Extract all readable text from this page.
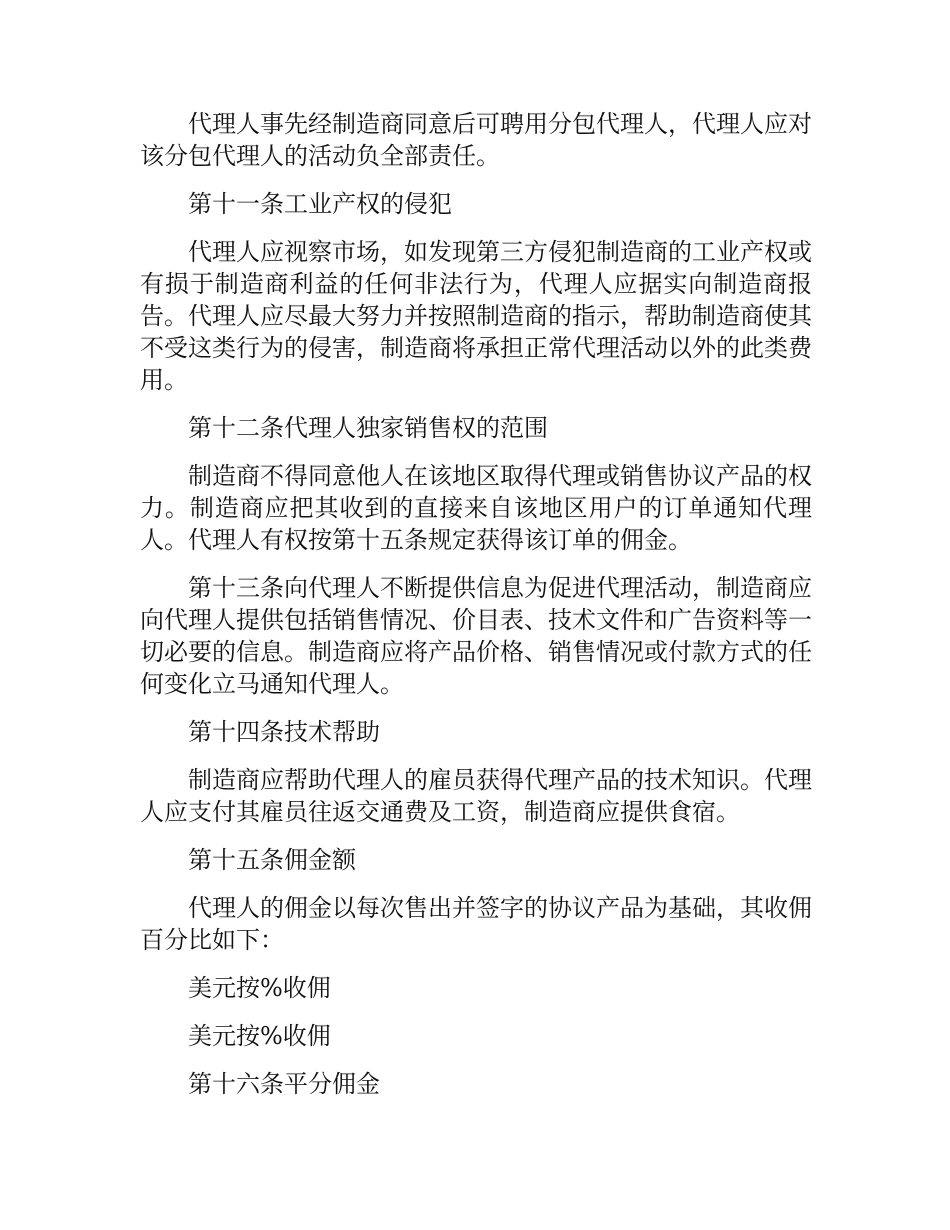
代理人事先经制造商同意后可聘用分包代理人，代理人应对该分包代理人的活动负全部责任。

第十一条工业产权的侵犯

代理人应视察市场，如发现第三方侵犯制造商的工业产权或有损于制造商利益的任何非法行为，代理人应据实向制造商报告。代理人应尽最大努力并按照制造商的指示，帮助制造商使其不受这类行为的侵害，制造商将承担正常代理活动以外的此类费用。

第十二条代理人独家销售权的范围

制造商不得同意他人在该地区取得代理或销售协议产品的权力。制造商应把其收到的直接来自该地区用户的订单通知代理人。代理人有权按第十五条规定获得该订单的佣金。

第十三条向代理人不断提供信息为促进代理活动，制造商应向代理人提供包括销售情况、价目表、技术文件和广告资料等一切必要的信息。制造商应将产品价格、销售情况或付款方式的任何变化立马通知代理人。

第十四条技术帮助

制造商应帮助代理人的雇员获得代理产品的技术知识。代理人应支付其雇员往返交通费及工资，制造商应提供食宿。

第十五条佣金额

代理人的佣金以每次售出并签字的协议产品为基础，其收佣百分比如下：

美元按%收佣

美元按%收佣

第十六条平分佣金
